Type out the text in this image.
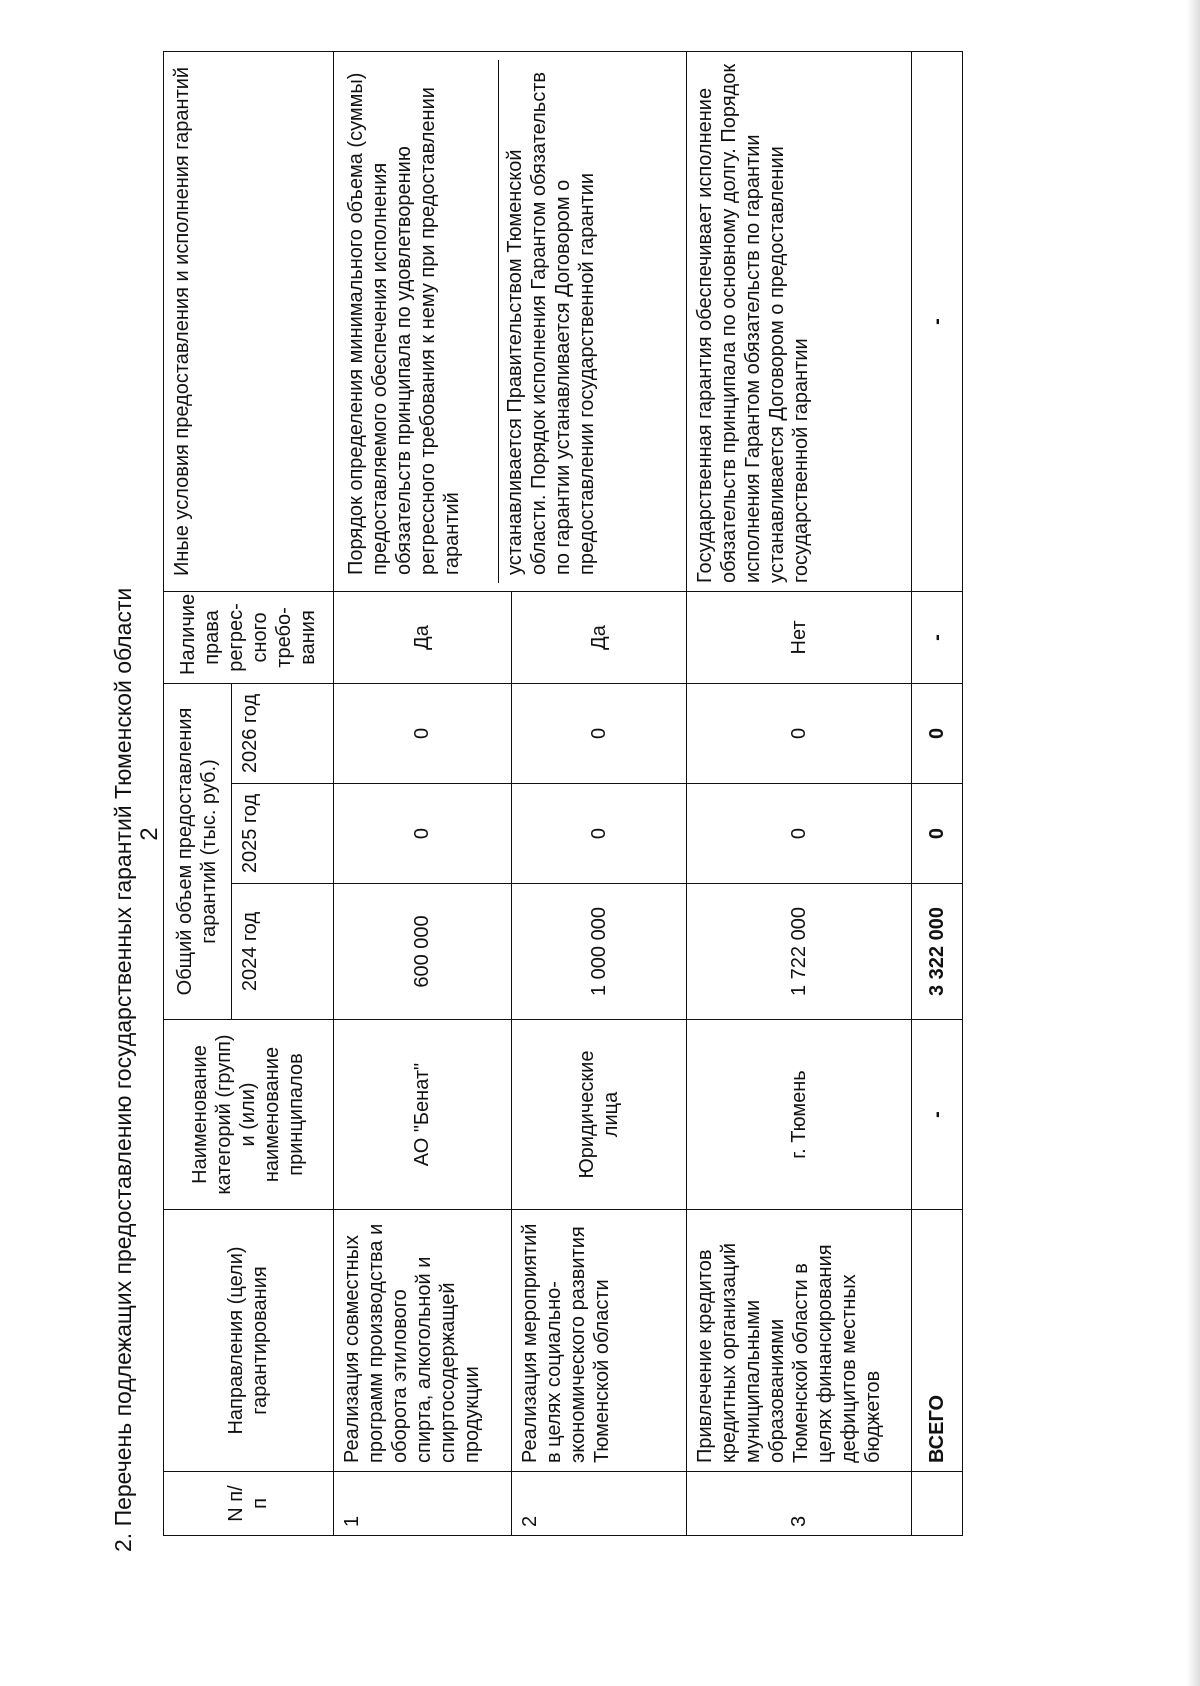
2
2. Перечень подлежащих предоставлению государственных гарантий Тюменской области	N п/п	Направления (цели) гарантирования	Наименование категорий (групп) и (или) наименование принципалов	Общий объем предоставления гарантий (тыс. руб.)			Наличие права регрес-сного требо-вания	Иные условия предоставления и исполнения гарантий
			2024 год	2025 год	2026 год		
1	Реализация совместных программ производства и оборота этилового спирта, алкогольной и спиртосодержащей продукции	АО "Бенат"	600 000	0	0	Да	Порядок определения минимального объема (суммы) предоставляемого обеспечения исполнения обязательств принципала по удовлетворению регрессного требования к нему при предоставлении гарантий устанавливается Правительством Тюменской области. Порядок исполнения Гарантом обязательств по гарантии устанавливается Договором о предоставлении государственной гарантии

2	Реализация мероприятий в целях социально-экономического развития Тюменской области	Юридические лица	1 000 000	0	0	Да	
3	Привлечение кредитов кредитных организаций муниципальными образованиями Тюменской области в целях финансирования дефицитов местных бюджетов	г. Тюмень	1 722 000	0	0	Нет	Государственная гарантия обеспечивает исполнение обязательств принципала по основному долгу. Порядок исполнения Гарантом обязательств по гарантии устанавливается Договором о предоставлении государственной гарантии
	ВСЕГО	-	3 322 000	0	0	-	-
